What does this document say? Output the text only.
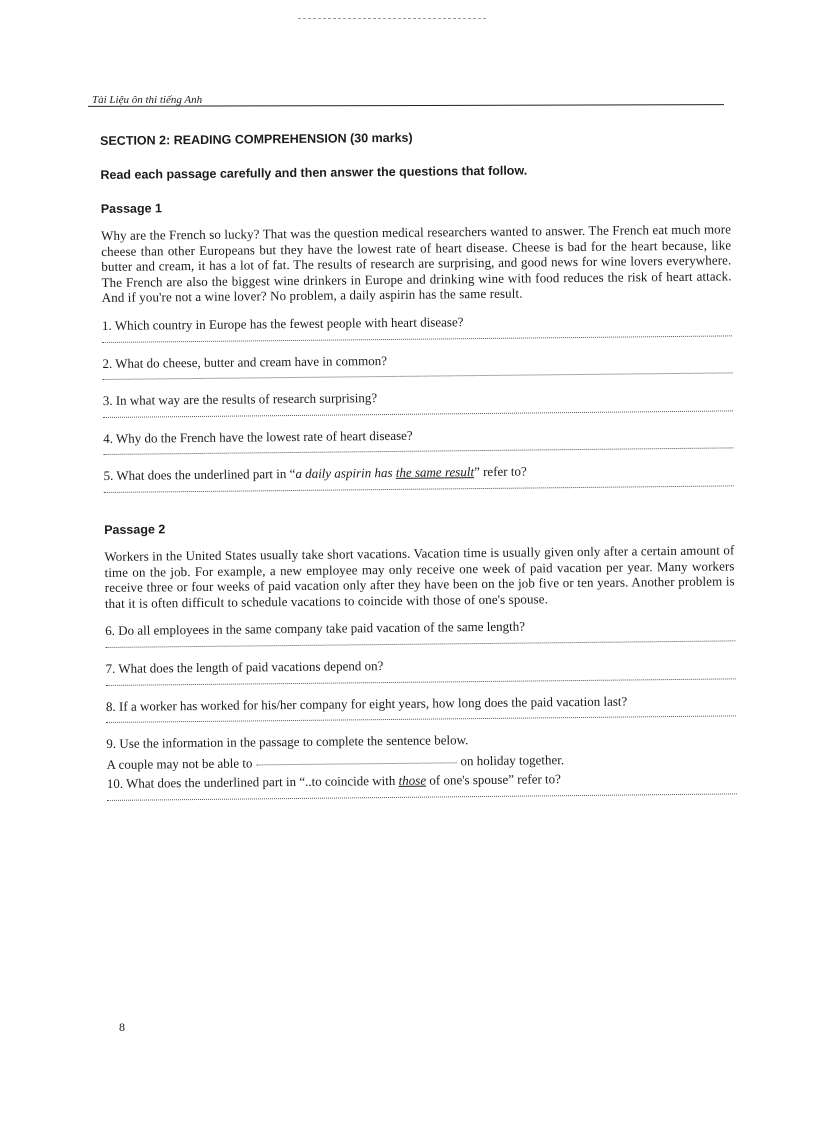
Tài Liệu ôn thi tiếng Anh
SECTION 2: READING COMPREHENSION (30 marks)
Read each passage carefully and then answer the questions that follow.
Passage 1
Why are the French so lucky? That was the question medical researchers wanted to answer. The French eat much more cheese than other Europeans but they have the lowest rate of heart disease. Cheese is bad for the heart because, like butter and cream, it has a lot of fat. The results of research are surprising, and good news for wine lovers everywhere. The French are also the biggest wine drinkers in Europe and drinking wine with food reduces the risk of heart attack. And if you're not a wine lover? No problem, a daily aspirin has the same result.
1. Which country in Europe has the fewest people with heart disease?
2. What do cheese, butter and cream have in common?
3. In what way are the results of research surprising?
4. Why do the French have the lowest rate of heart disease?
5. What does the underlined part in “a daily aspirin has the same result” refer to?
Passage 2
Workers in the United States usually take short vacations. Vacation time is usually given only after a certain amount of time on the job. For example, a new employee may only receive one week of paid vacation per year. Many workers receive three or four weeks of paid vacation only after they have been on the job five or ten years. Another problem is that it is often difficult to schedule vacations to coincide with those of one's spouse.
6. Do all employees in the same company take paid vacation of the same length?
7. What does the length of paid vacations depend on?
8. If a worker has worked for his/her company for eight years, how long does the paid vacation last?
9. Use the information in the passage to complete the sentence below.
A couple may not be able to	on holiday together.
10. What does the underlined part in “..to coincide with those of one's spouse” refer to?
8
